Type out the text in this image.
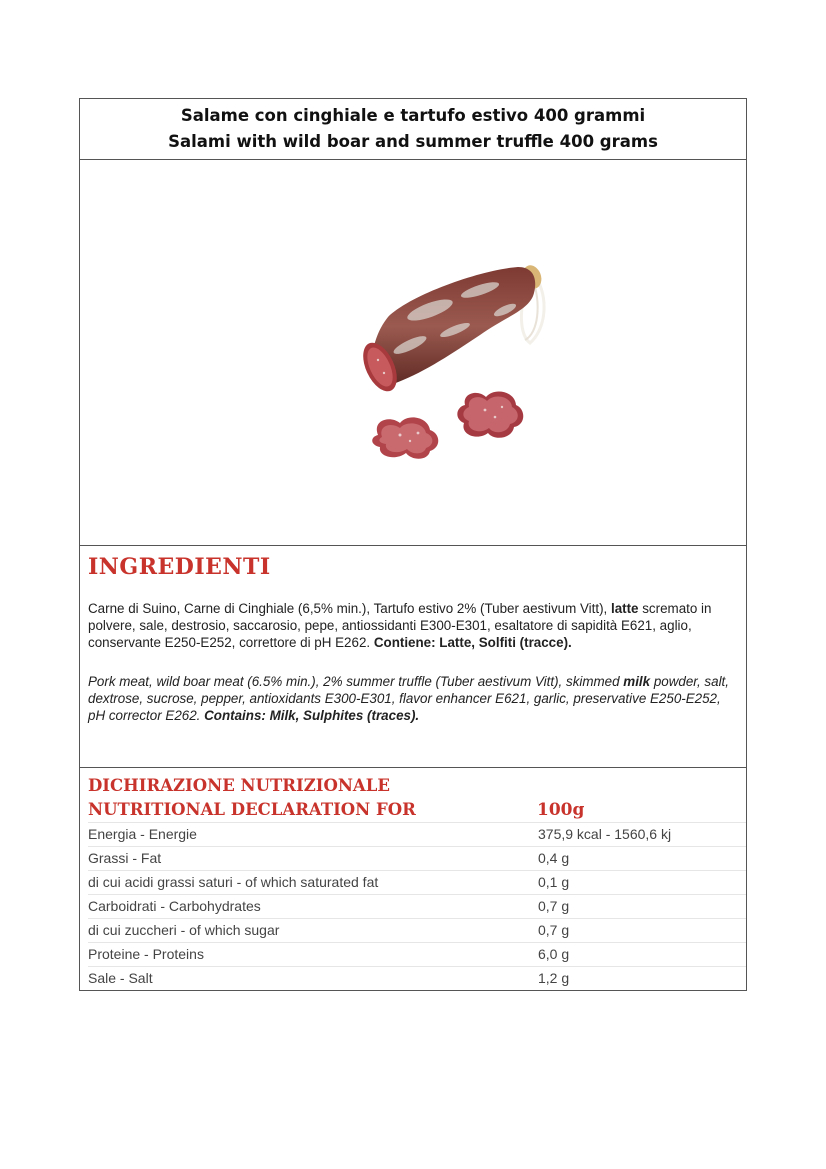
Salame con cinghiale e tartufo estivo 400 grammi
Salami with wild boar and summer truffle 400 grams
INGREDIENTI

Carne di Suino, Carne di Cinghiale (6,5% min.), Tartufo estivo 2% (Tuber aestivum Vitt), latte scremato in polvere, sale, destrosio, saccarosio, pepe, antiossidanti E300-E301, esaltatore di sapidità E621, aglio, conservante E250-E252, correttore di pH E262. Contiene: Latte, Solfiti (tracce).

Pork meat, wild boar meat (6.5% min.), 2% summer truffle (Tuber aestivum Vitt), skimmed milk powder, salt, dextrose, sucrose, pepper, antioxidants E300-E301, flavor enhancer E621, garlic, preservative E250-E252, pH corrector E262. Contains: Milk, Sulphites (traces).

DICHIRAZIONE NUTRIZIONALE
NUTRITIONAL DECLARATION FOR	100g
Energia - Energie	375,9 kcal - 1560,6 kj
Grassi - Fat	0,4 g
di cui acidi grassi saturi - of which saturated fat	0,1 g
Carboidrati - Carbohydrates	0,7 g
di cui zuccheri - of which sugar	0,7 g
Proteine - Proteins	6,0 g
Sale - Salt	1,2 g
